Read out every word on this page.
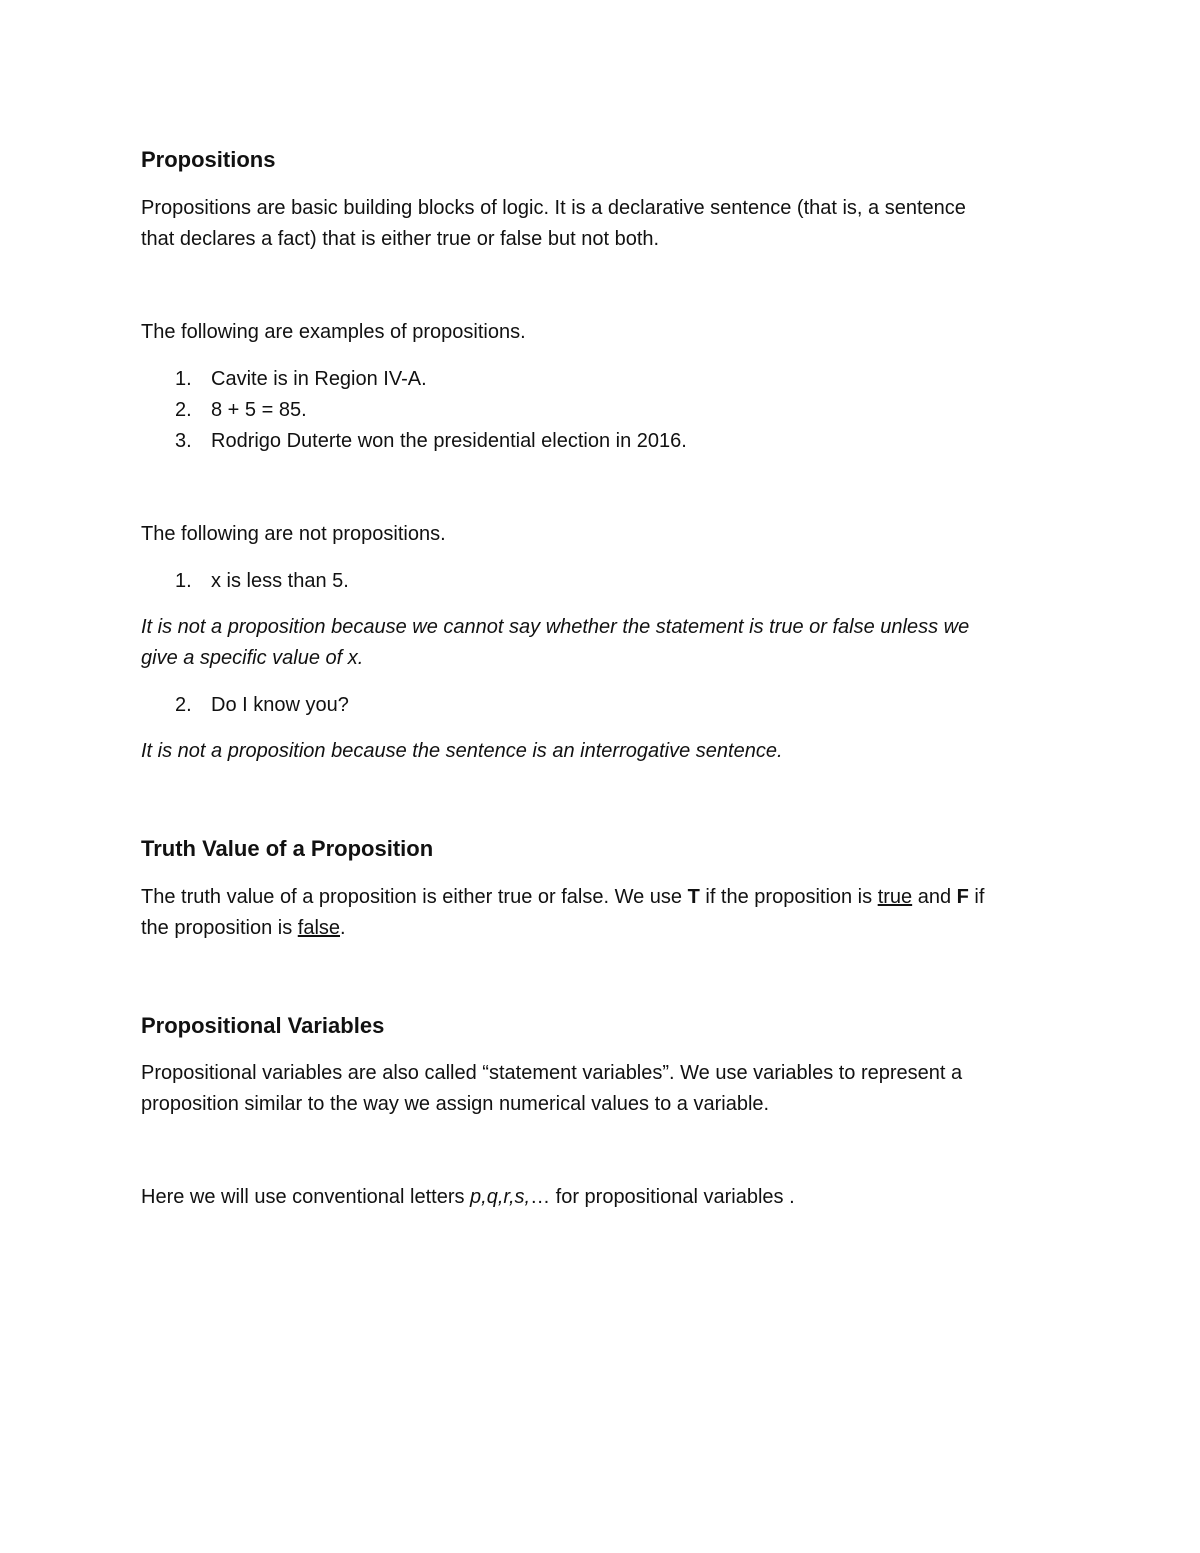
Propositions

Propositions are basic building blocks of logic. It is a declarative sentence (that is, a sentence

that declares a fact) that is either true or false but not both.

The following are examples of propositions.

1. Cavite is in Region IV-A.

2. 8 + 5 = 85.

3. Rodrigo Duterte won the presidential election in 2016.

The following are not propositions.

1. x is less than 5.

It is not a proposition because we cannot say whether the statement is true or false unless we

give a specific value of x.

2. Do I know you?

It is not a proposition because the sentence is an interrogative sentence.

Truth Value of a Proposition

The truth value of a proposition is either true or false. We use T if the proposition is true and F if

the proposition is false.

Propositional Variables

Propositional variables are also called “statement variables”. We use variables to represent a

proposition similar to the way we assign numerical values to a variable.

Here we will use conventional letters p,q,r,s,… for propositional variables .
